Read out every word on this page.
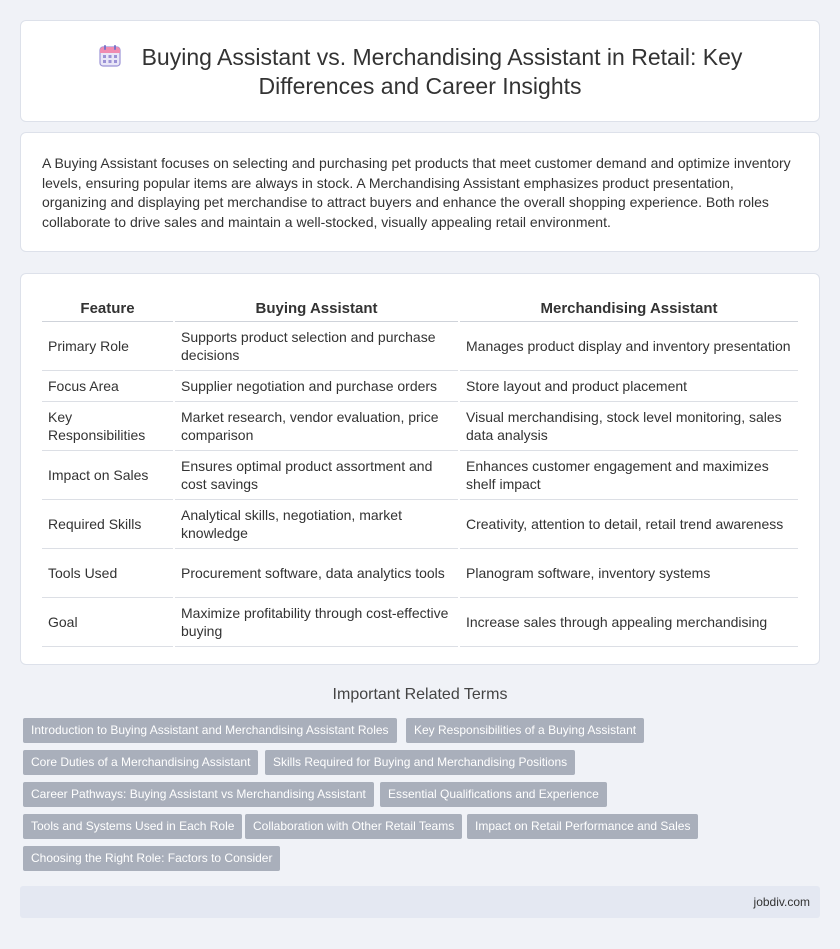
Buying Assistant vs. Merchandising Assistant in Retail: Key
Differences and Career Insights

A Buying Assistant focuses on selecting and purchasing pet products that meet customer demand and optimize inventory levels, ensuring popular items are always in stock. A Merchandising Assistant emphasizes product presentation, organizing and displaying pet merchandise to attract buyers and enhance the overall shopping experience. Both roles collaborate to drive sales and maintain a well-stocked, visually appealing retail environment.

Feature	Buying Assistant	Merchandising Assistant
Primary Role	Supports product selection and purchase decisions	Manages product display and inventory presentation
Focus Area	Supplier negotiation and purchase orders	Store layout and product placement
Key Responsibilities	Market research, vendor evaluation, price comparison	Visual merchandising, stock level monitoring, sales data analysis
Impact on Sales	Ensures optimal product assortment and cost savings	Enhances customer engagement and maximizes shelf impact
Required Skills	Analytical skills, negotiation, market knowledge	Creativity, attention to detail, retail trend awareness
Tools Used	Procurement software, data analytics tools	Planogram software, inventory systems
Goal	Maximize profitability through cost-effective buying	Increase sales through appealing merchandising
Important Related Terms
Introduction to Buying Assistant and Merchandising Assistant Roles	Key Responsibilities of a Buying Assistant
Core Duties of a Merchandising Assistant	Skills Required for Buying and Merchandising Positions
Career Pathways: Buying Assistant vs Merchandising Assistant	Essential Qualifications and Experience
Tools and Systems Used in Each Role	Collaboration with Other Retail Teams	Impact on Retail Performance and Sales
Choosing the Right Role: Factors to Consider
jobdiv.com
